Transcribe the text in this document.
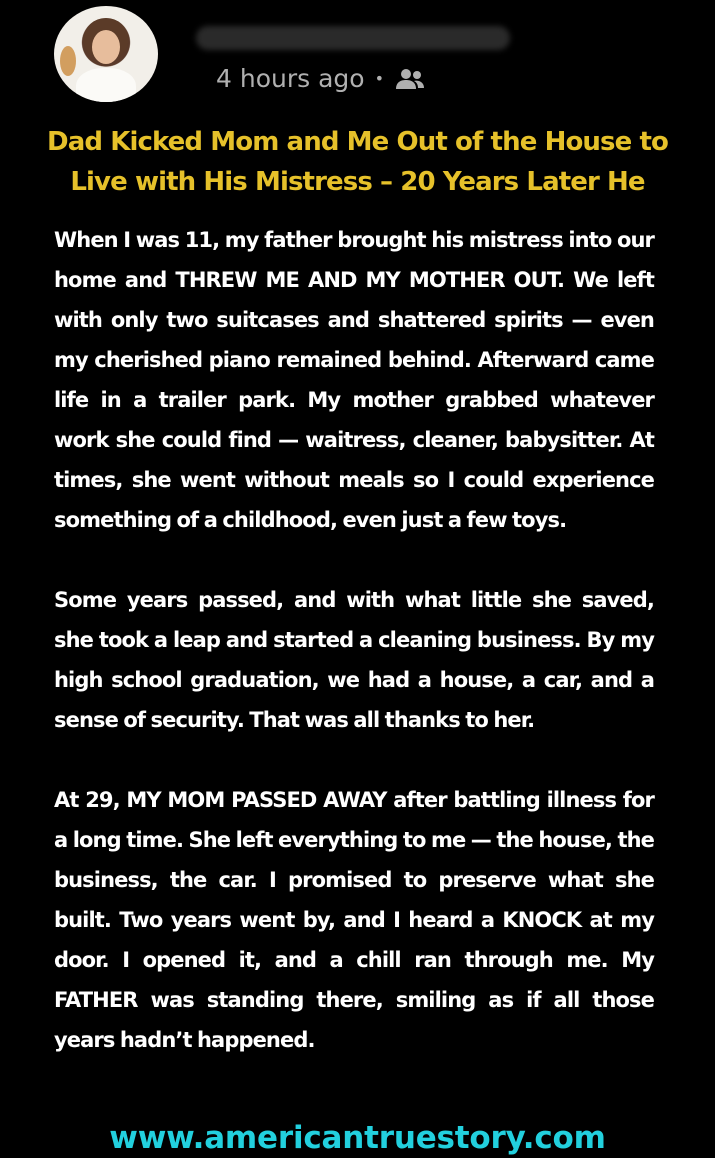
4 hours ago •
Dad Kicked Mom and Me Out of the House to
Live with His Mistress – 20 Years Later He

When I was 11, my father brought his mistress into our home and THREW ME AND MY MOTHER OUT. We left with only two suitcases and shattered spirits — even my cherished piano remained behind. Afterward came life in a trailer park. My mother grabbed whatever work she could find — waitress, cleaner, babysitter. At times, she went without meals so I could experience something of a childhood, even just a few toys.

Some years passed, and with what little she saved, she took a leap and started a cleaning business. By my high school graduation, we had a house, a car, and a sense of security. That was all thanks to her.

At 29, MY MOM PASSED AWAY after battling illness for a long time. She left everything to me — the house, the business, the car. I promised to preserve what she built. Two years went by, and I heard a KNOCK at my door. I opened it, and a chill ran through me. My FATHER was standing there, smiling as if all those years hadn’t happened.

www.americantruestory.com
